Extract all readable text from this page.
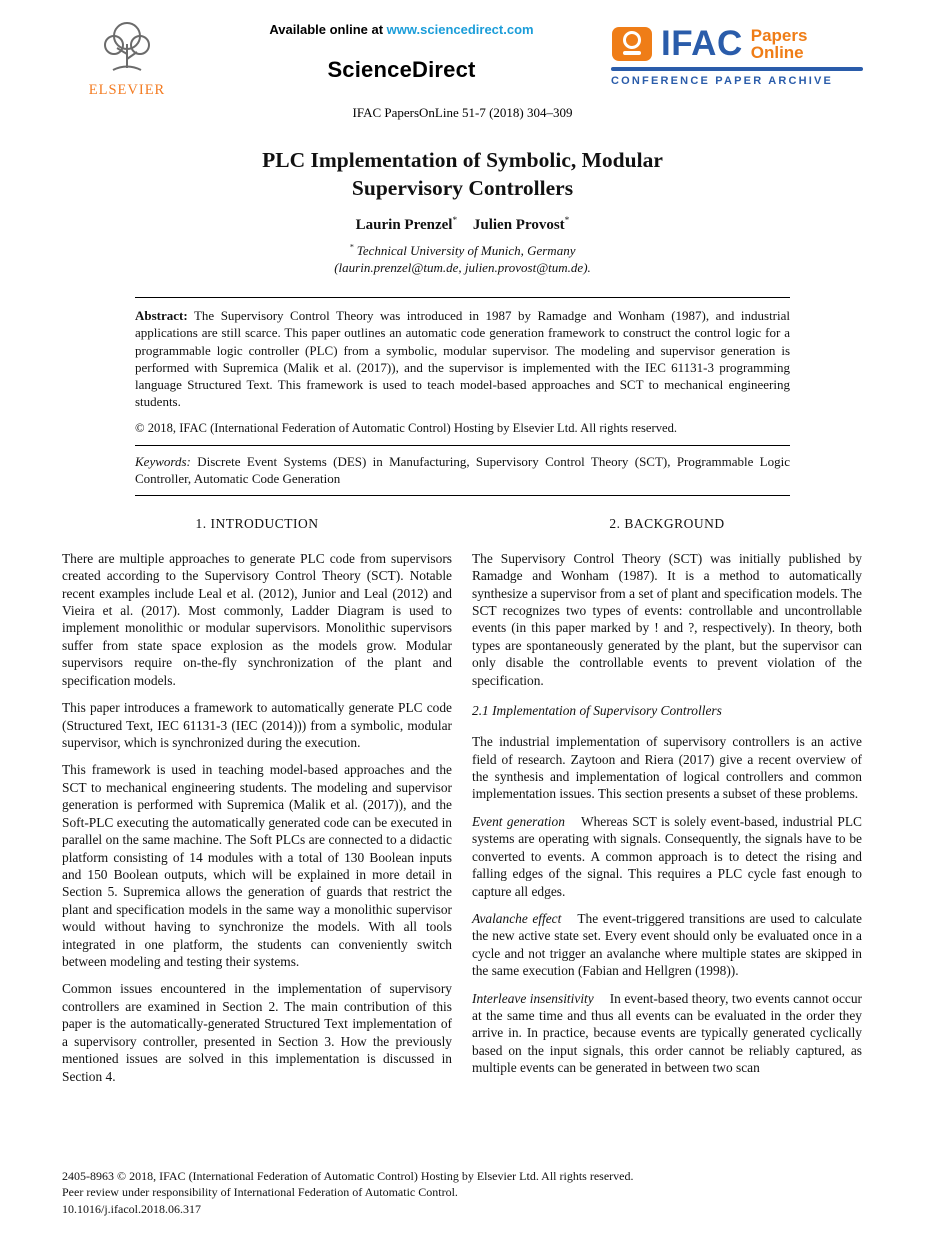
ELSEVIER
Available online at www.sciencedirect.com
ScienceDirect
IFAC Papers
Online
CONFERENCE PAPER ARCHIVE
IFAC PapersOnLine 51-7 (2018) 304–309
PLC Implementation of Symbolic, Modular
Supervisory Controllers
Laurin Prenzel* Julien Provost*
* Technical University of Munich, Germany
(laurin.prenzel@tum.de, julien.provost@tum.de).

Abstract: The Supervisory Control Theory was introduced in 1987 by Ramadge and Wonham (1987), and industrial applications are still scarce. This paper outlines an automatic code generation framework to construct the control logic for a programmable logic controller (PLC) from a symbolic, modular supervisor. The modeling and supervisor generation is performed with Supremica (Malik et al. (2017)), and the supervisor is implemented with the IEC 61131-3 programming language Structured Text. This framework is used to teach model-based approaches and SCT to mechanical engineering students.

© 2018, IFAC (International Federation of Automatic Control) Hosting by Elsevier Ltd. All rights reserved.

Keywords: Discrete Event Systems (DES) in Manufacturing, Supervisory Control Theory (SCT), Programmable Logic Controller, Automatic Code Generation

1. INTRODUCTION

There are multiple approaches to generate PLC code from supervisors created according to the Supervisory Control Theory (SCT). Notable recent examples include Leal et al. (2012), Junior and Leal (2012) and Vieira et al. (2017). Most commonly, Ladder Diagram is used to implement monolithic or modular supervisors. Monolithic supervisors suffer from state space explosion as the models grow. Modular supervisors require on-the-fly synchronization of the plant and specification models.

This paper introduces a framework to automatically generate PLC code (Structured Text, IEC 61131-3 (IEC (2014))) from a symbolic, modular supervisor, which is synchronized during the execution.

This framework is used in teaching model-based approaches and the SCT to mechanical engineering students. The modeling and supervisor generation is performed with Supremica (Malik et al. (2017)), and the Soft-PLC executing the automatically generated code can be executed in parallel on the same machine. The Soft PLCs are connected to a didactic platform consisting of 14 modules with a total of 130 Boolean inputs and 150 Boolean outputs, which will be explained in more detail in Section 5. Supremica allows the generation of guards that restrict the plant and specification models in the same way a monolithic supervisor would without having to synchronize the models. With all tools integrated in one platform, the students can conveniently switch between modeling and testing their systems.

Common issues encountered in the implementation of supervisory controllers are examined in Section 2. The main contribution of this paper is the automatically-generated Structured Text implementation of a supervisory controller, presented in Section 3. How the previously mentioned issues are solved in this implementation is discussed in Section 4.

2. BACKGROUND

The Supervisory Control Theory (SCT) was initially published by Ramadge and Wonham (1987). It is a method to automatically synthesize a supervisor from a set of plant and specification models. The SCT recognizes two types of events: controllable and uncontrollable events (in this paper marked by ! and ?, respectively). In theory, both types are spontaneously generated by the plant, but the supervisor can only disable the controllable events to prevent violation of the specification.

2.1 Implementation of Supervisory Controllers

The industrial implementation of supervisory controllers is an active field of research. Zaytoon and Riera (2017) give a recent overview of the synthesis and implementation of logical controllers and common implementation issues. This section presents a subset of these problems.

Event generation Whereas SCT is solely event-based, industrial PLC systems are operating with signals. Consequently, the signals have to be converted to events. A common approach is to detect the rising and falling edges of the signal. This requires a PLC cycle fast enough to capture all edges.

Avalanche effect The event-triggered transitions are used to calculate the new active state set. Every event should only be evaluated once in a cycle and not trigger an avalanche where multiple states are skipped in the same execution (Fabian and Hellgren (1998)).

Interleave insensitivity In event-based theory, two events cannot occur at the same time and thus all events can be evaluated in the order they arrive in. In practice, because events are typically generated cyclically based on the input signals, this order cannot be reliably captured, as multiple events can be generated in between two scan

2405-8963 © 2018, IFAC (International Federation of Automatic Control) Hosting by Elsevier Ltd. All rights reserved.
Peer review under responsibility of International Federation of Automatic Control.
10.1016/j.ifacol.2018.06.317
